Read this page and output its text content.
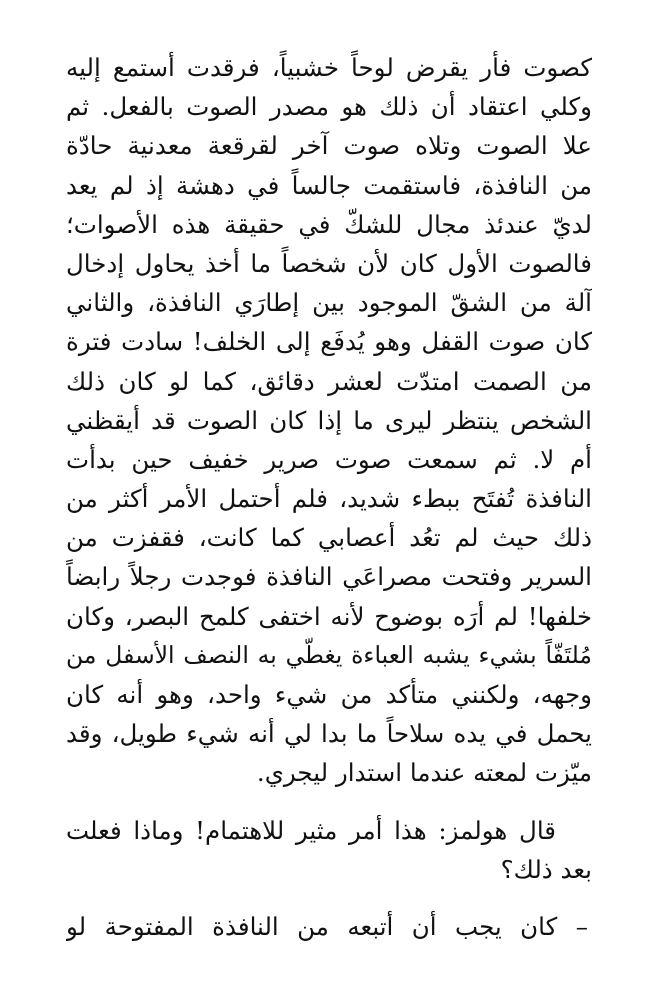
كصوت فأر يقرض لوحاً خشبياً، فرقدت أستمع إليه
وكلي اعتقاد أن ذلك هو مصدر الصوت بالفعل. ثم
علا الصوت وتلاه صوت آخر لقرقعة معدنية حادّة
من النافذة، فاستقمت جالساً في دهشة إذ لم يعد
لديّ عندئذ مجال للشكّ في حقيقة هذه الأصوات؛
فالصوت الأول كان لأن شخصاً ما أخذ يحاول إدخال
آلة من الشقّ الموجود بين إطارَي النافذة، والثاني
كان صوت القفل وهو يُدفَع إلى الخلف! سادت فترة
من الصمت امتدّت لعشر دقائق، كما لو كان ذلك
الشخص ينتظر ليرى ما إذا كان الصوت قد أيقظني
أم لا. ثم سمعت صوت صرير خفيف حين بدأت
النافذة تُفتَح ببطء شديد، فلم أحتمل الأمر أكثر من
ذلك حيث لم تعُد أعصابي كما كانت، فقفزت من
السرير وفتحت مصراعَي النافذة فوجدت رجلاً رابضاً
خلفها! لم أرَه بوضوح لأنه اختفى كلمح البصر، وكان
مُلتَفّاً بشيء يشبه العباءة يغطّي به النصف الأسفل من
وجهه، ولكنني متأكد من شيء واحد، وهو أنه كان
يحمل في يده سلاحاً ما بدا لي أنه شيء طويل، وقد
ميّزت لمعته عندما استدار ليجري.
قال هولمز: هذا أمر مثير للاهتمام! وماذا فعلت
بعد ذلك؟
– كان يجب أن أتبعه من النافذة المفتوحة لو
